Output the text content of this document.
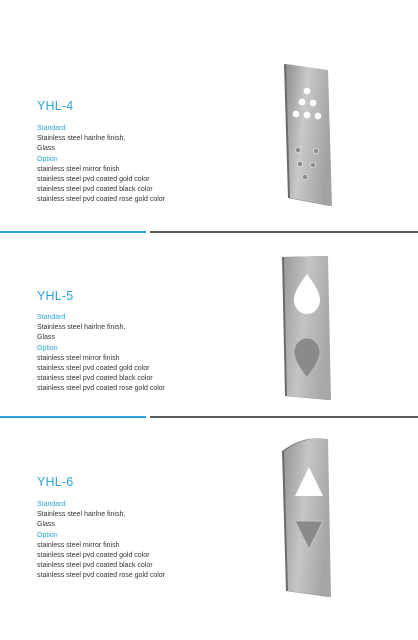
YHL-4
Standard
Stainless steel hairlne finish,
Glass
Option
stainless steel mirror finish
stainless steel pvd coated gold color
stainless steel pvd coated black color
stainless steel pvd coated rose gold color
YHL-5
Standard
Stainless steel hairlne finish,
Glass
Option
stainless steel mirror finish
stainless steel pvd coated gold color
stainless steel pvd coated black color
stainless steel pvd coated rose gold color
YHL-6
Standard
Stainless steel hairlne finish,
Glass
Option
stainless steel mirror finish
stainless steel pvd coated gold color
stainless steel pvd coated black color
stainless steel pvd coated rose gold color
